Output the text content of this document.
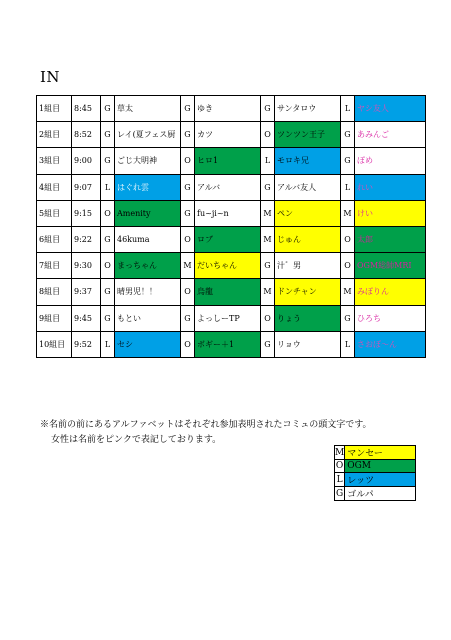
IN
1組目	8:45	G	草太	G	ゆき	G	サンタロウ	L	ヤシ友人
2組目	8:52	G	レイ(夏フェス厨	G	カツ	O	ツンツン王子	G	あみんご
3組目	9:00	G	ごじ大明神	O	ヒロ1	L	モロキ兄	G	ぽめ
4組目	9:07	L	はぐれ雲	G	アルバ	G	アルバ友人	L	れい
5組目	9:15	O	Amenity	G	fu~ji~n	M	ペン	M	けい
6組目	9:22	G	46kuma	O	ロブ	M	じゅん	O	太郎
7組目	9:30	O	まっちゃん	M	だいちゃん	G	汁゛男	O	OGM総帥MRI
8組目	9:37	G	晴男児！！	O	烏龍	M	ドンチャン	M	みぽりん
9組目	9:45	G	もとい	G	よっしーTP	O	りょう	G	ひろち
10組目	9:52	L	セシ	O	ボギー＋1	G	リョウ	L	さおぼ～ん
※名前の前にあるアルファベットはそれぞれ参加表明されたコミュの頭文字です。
女性は名前をピンクで表記しております。
M	マンセー
O	OGM
L	レッツ
G	ゴルパ
